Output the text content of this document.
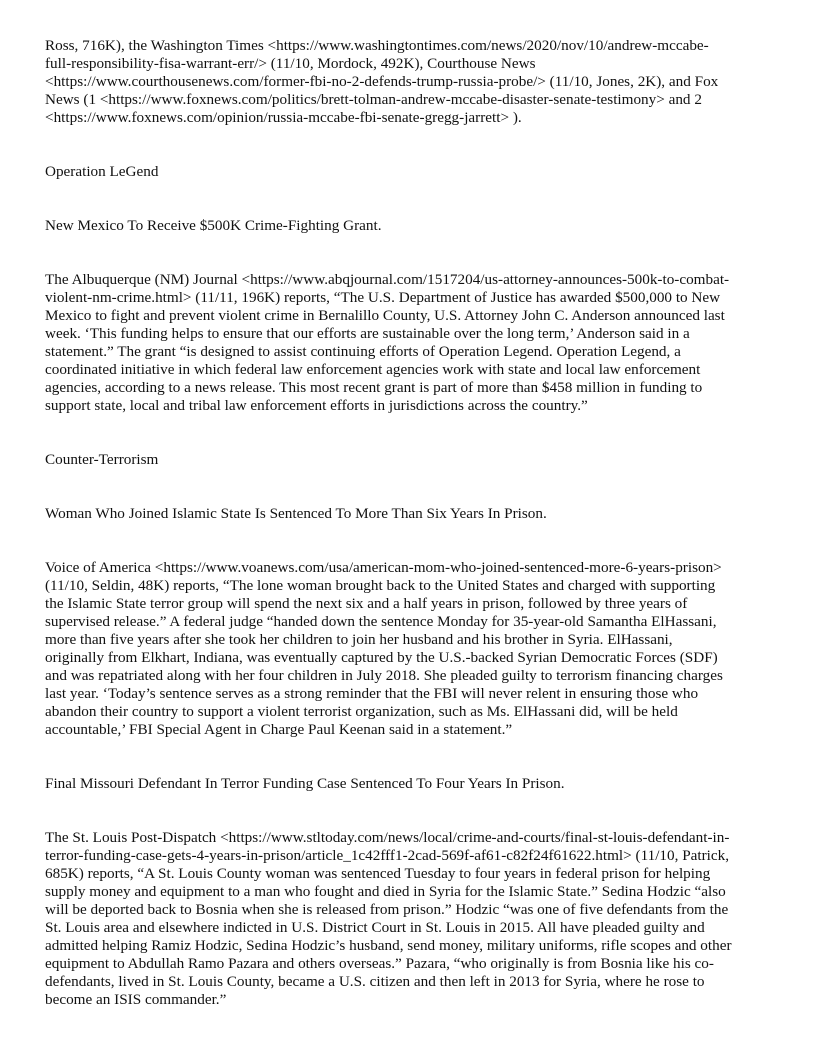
Ross, 716K), the Washington Times <https://www.washingtontimes.com/news/2020/nov/10/andrew-mccabe-
full-responsibility-fisa-warrant-err/> (11/10, Mordock, 492K), Courthouse News
<https://www.courthousenews.com/former-fbi-no-2-defends-trump-russia-probe/> (11/10, Jones, 2K), and Fox
News (1 <https://www.foxnews.com/politics/brett-tolman-andrew-mccabe-disaster-senate-testimony> and 2
<https://www.foxnews.com/opinion/russia-mccabe-fbi-senate-gregg-jarrett> ).

Operation LeGend

New Mexico To Receive $500K Crime-Fighting Grant.

The Albuquerque (NM) Journal <https://www.abqjournal.com/1517204/us-attorney-announces-500k-to-combat-
violent-nm-crime.html> (11/11, 196K) reports, “The U.S. Department of Justice has awarded $500,000 to New
Mexico to fight and prevent violent crime in Bernalillo County, U.S. Attorney John C. Anderson announced last
week. ‘This funding helps to ensure that our efforts are sustainable over the long term,’ Anderson said in a
statement.” The grant “is designed to assist continuing efforts of Operation Legend. Operation Legend, a
coordinated initiative in which federal law enforcement agencies work with state and local law enforcement
agencies, according to a news release. This most recent grant is part of more than $458 million in funding to
support state, local and tribal law enforcement efforts in jurisdictions across the country.”

Counter-Terrorism

Woman Who Joined Islamic State Is Sentenced To More Than Six Years In Prison.

Voice of America <https://www.voanews.com/usa/american-mom-who-joined-sentenced-more-6-years-prison>
(11/10, Seldin, 48K) reports, “The lone woman brought back to the United States and charged with supporting
the Islamic State terror group will spend the next six and a half years in prison, followed by three years of
supervised release.” A federal judge “handed down the sentence Monday for 35-year-old Samantha ElHassani,
more than five years after she took her children to join her husband and his brother in Syria. ElHassani,
originally from Elkhart, Indiana, was eventually captured by the U.S.-backed Syrian Democratic Forces (SDF)
and was repatriated along with her four children in July 2018. She pleaded guilty to terrorism financing charges
last year. ‘Today’s sentence serves as a strong reminder that the FBI will never relent in ensuring those who
abandon their country to support a violent terrorist organization, such as Ms. ElHassani did, will be held
accountable,’ FBI Special Agent in Charge Paul Keenan said in a statement.”

Final Missouri Defendant In Terror Funding Case Sentenced To Four Years In Prison.

The St. Louis Post-Dispatch <https://www.stltoday.com/news/local/crime-and-courts/final-st-louis-defendant-in-
terror-funding-case-gets-4-years-in-prison/article_1c42fff1-2cad-569f-af61-c82f24f61622.html> (11/10, Patrick,
685K) reports, “A St. Louis County woman was sentenced Tuesday to four years in federal prison for helping
supply money and equipment to a man who fought and died in Syria for the Islamic State.” Sedina Hodzic “also
will be deported back to Bosnia when she is released from prison.” Hodzic “was one of five defendants from the
St. Louis area and elsewhere indicted in U.S. District Court in St. Louis in 2015. All have pleaded guilty and
admitted helping Ramiz Hodzic, Sedina Hodzic’s husband, send money, military uniforms, rifle scopes and other
equipment to Abdullah Ramo Pazara and others overseas.” Pazara, “who originally is from Bosnia like his co-
defendants, lived in St. Louis County, became a U.S. citizen and then left in 2013 for Syria, where he rose to
become an ISIS commander.”
